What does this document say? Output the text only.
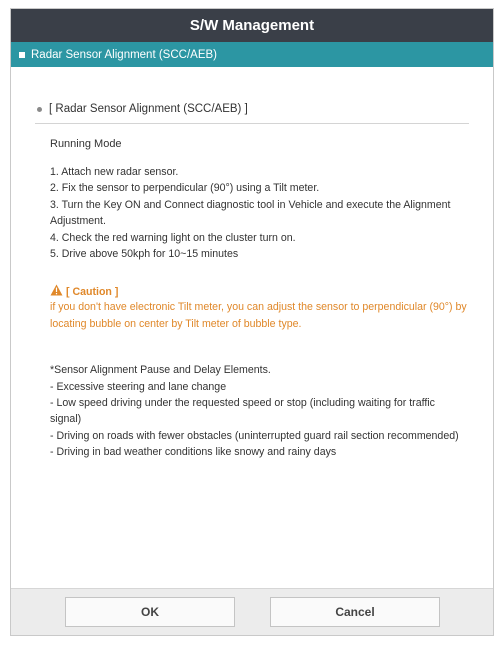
S/W Management
Radar Sensor Alignment (SCC/AEB)
[ Radar Sensor Alignment (SCC/AEB) ]
Running Mode
1. Attach new radar sensor.
2. Fix the sensor to perpendicular (90°) using a Tilt meter.
3. Turn the Key ON and Connect diagnostic tool in Vehicle and execute the Alignment Adjustment.
4. Check the red warning light on the cluster turn on.
5. Drive above 50kph for 10~15 minutes
[ Caution ]
if you don't have electronic Tilt meter, you can adjust the sensor to perpendicular (90°) by locating bubble on center by Tilt meter of bubble type.
*Sensor Alignment Pause and Delay Elements.
- Excessive steering and lane change
- Low speed driving under the requested speed or stop (including waiting for traffic signal)
- Driving on roads with fewer obstacles (uninterrupted guard rail section recommended)
- Driving in bad weather conditions like snowy and rainy days
OK	Cancel
